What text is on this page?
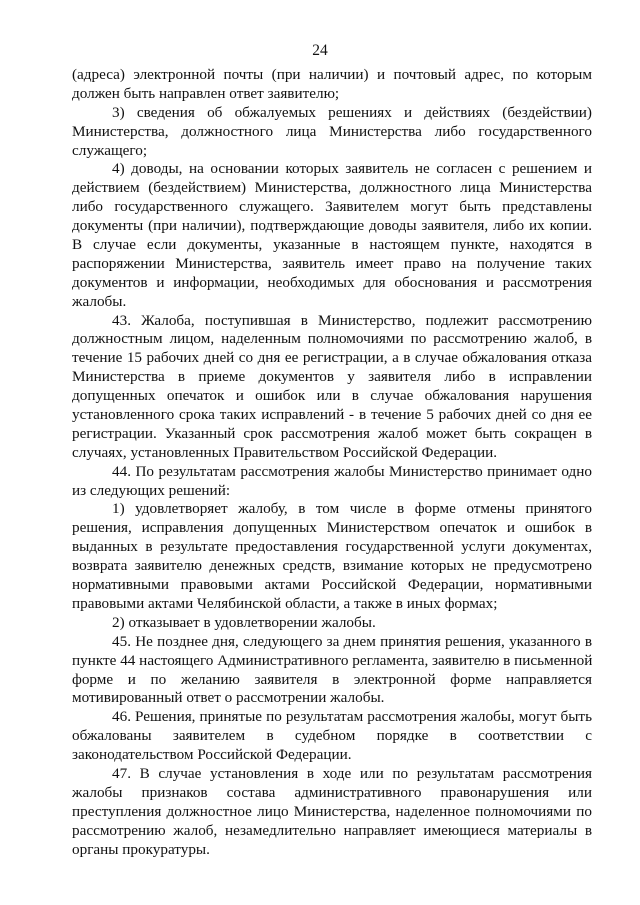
24
(адреса) электронной почты (при наличии) и почтовый адрес, по которым
должен быть направлен ответ заявителю;
3) сведения об обжалуемых решениях и действиях (бездействии)
Министерства, должностного лица Министерства либо государственного
служащего;
4) доводы, на основании которых заявитель не согласен с решением и
действием (бездействием) Министерства, должностного лица Министерства
либо государственного служащего. Заявителем могут быть представлены
документы (при наличии), подтверждающие доводы заявителя, либо их копии.
В случае если документы, указанные в настоящем пункте, находятся в
распоряжении Министерства, заявитель имеет право на получение таких
документов и информации, необходимых для обоснования и рассмотрения
жалобы.
43. Жалоба, поступившая в Министерство, подлежит рассмотрению
должностным лицом, наделенным полномочиями по рассмотрению жалоб, в
течение 15 рабочих дней со дня ее регистрации, а в случае обжалования отказа
Министерства в приеме документов у заявителя либо в исправлении
допущенных опечаток и ошибок или в случае обжалования нарушения
установленного срока таких исправлений - в течение 5 рабочих дней со дня ее
регистрации. Указанный срок рассмотрения жалоб может быть сокращен в
случаях, установленных Правительством Российской Федерации.
44. По результатам рассмотрения жалобы Министерство принимает одно
из следующих решений:
1) удовлетворяет жалобу, в том числе в форме отмены принятого
решения, исправления допущенных Министерством опечаток и ошибок в
выданных в результате предоставления государственной услуги документах,
возврата заявителю денежных средств, взимание которых не предусмотрено
нормативными правовыми актами Российской Федерации, нормативными
правовыми актами Челябинской области, а также в иных формах;
2) отказывает в удовлетворении жалобы.
45. Не позднее дня, следующего за днем принятия решения, указанного в
пункте 44 настоящего Административного регламента, заявителю в письменной
форме и по желанию заявителя в электронной форме направляется
мотивированный ответ о рассмотрении жалобы.
46. Решения, принятые по результатам рассмотрения жалобы, могут быть
обжалованы заявителем в судебном порядке в соответствии с
законодательством Российской Федерации.
47. В случае установления в ходе или по результатам рассмотрения
жалобы признаков состава административного правонарушения или
преступления должностное лицо Министерства, наделенное полномочиями по
рассмотрению жалоб, незамедлительно направляет имеющиеся материалы в
органы прокуратуры.
